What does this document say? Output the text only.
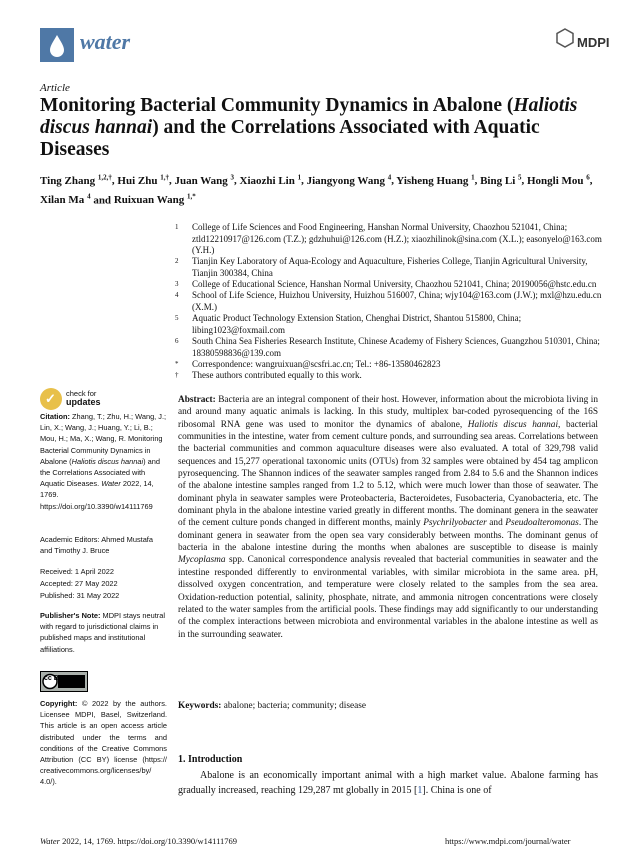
water	MDPI
Article
Monitoring Bacterial Community Dynamics in Abalone (Haliotis discus hannai) and the Correlations Associated with Aquatic Diseases
Ting Zhang $^{1,2,\dagger}$, Hui Zhu $^{1,\dagger}$, Juan Wang $^3$, Xiaozhi Lin $^1$, Jiangyong Wang $^4$, Yisheng Huang $^1$, Bing Li $^5$, Hongli Mou $^6$, Xilan Ma $^4$ and Ruixuan Wang $^{1,*}$
1 College of Life Sciences and Food Engineering, Hanshan Normal University, Chaozhou 521041, China; ztld12210917@126.com (T.Z.); gdzhuhui@126.com (H.Z.); xiaozhilinok@sina.com (X.L.); easonyelo@163.com (Y.H.)
2 Tianjin Key Laboratory of Aqua-Ecology and Aquaculture, Fisheries College, Tianjin Agricultural University, Tianjin 300384, China
3 College of Educational Science, Hanshan Normal University, Chaozhou 521041, China; 20190056@hstc.edu.cn
4 School of Life Science, Huizhou University, Huizhou 516007, China; wjy104@163.com (J.W.); mxl@hzu.edu.cn (X.M.)
5 Aquatic Product Technology Extension Station, Chenghai District, Shantou 515800, China; libing1023@foxmail.com
6 South China Sea Fisheries Research Institute, Chinese Academy of Fishery Sciences, Guangzhou 510301, China; 18380598836@139.com
* Correspondence: wangruixuan@scsfri.ac.cn; Tel.: +86-13580462823
† These authors contributed equally to this work.
✓ check for
updates
Citation: Zhang, T.; Zhu, H.; Wang, J.; Lin, X.; Wang, J.; Huang, Y.; Li, B.; Mou, H.; Ma, X.; Wang, R. Monitoring Bacterial Community Dynamics in Abalone (Haliotis discus hannai) and the Correlations Associated with Aquatic Diseases. Water 2022, 14, 1769. https://doi.org/10.3390/w14111769
Academic Editors: Ahmed Mustafa and Timothy J. Bruce
Received: 1 April 2022
Accepted: 27 May 2022
Published: 31 May 2022
Publisher's Note: MDPI stays neutral with regard to jurisdictional claims in published maps and institutional affiliations.
cc BY
Copyright: © 2022 by the authors. Licensee MDPI, Basel, Switzerland. This article is an open access article distributed under the terms and conditions of the Creative Commons Attribution (CC BY) license (https:// creativecommons.org/licenses/by/ 4.0/).
Abstract: Bacteria are an integral component of their host. However, information about the microbiota living in and around many aquatic animals is lacking. In this study, multiplex bar-coded pyrosequencing of the 16S ribosomal RNA gene was used to monitor the dynamics of abalone, Haliotis discus hannai, bacterial communities in the intestine, water from cement culture ponds, and surrounding sea areas. Correlations between the bacterial communities and common aquaculture diseases were also evaluated. A total of 329,798 valid sequences and 15,277 operational taxonomic units (OTUs) from 32 samples were obtained by 454 tag amplicon pyrosequencing. The Shannon indices of the seawater samples ranged from 2.84 to 5.6 and the Shannon indices of the abalone intestine samples ranged from 1.2 to 5.12, which were much lower than those of seawater. The dominant phyla in seawater samples were Proteobacteria, Bacteroidetes, Fusobacteria, Cyanobacteria, etc. The dominant phyla in the abalone intestine varied greatly in different months. The dominant genera in the seawater of the cement culture ponds changed in different months, mainly Psychrilyobacter and Pseudoalteromonas. The dominant genera in seawater from the open sea vary considerably between months. The dominant genus of bacteria in the abalone intestine during the months when abalones are susceptible to disease is mainly Mycoplasma spp. Canonical correspondence analysis revealed that bacterial communities in seawater and the intestine responded differently to environmental variables, with similar microbiota in the same area. pH, dissolved oxygen concentration, and temperature were closely related to the samples from the sea area. Oxidation-reduction potential, salinity, phosphate, nitrate, and ammonia nitrogen concentrations were closely related to the water samples from the artificial pools. These findings may add significantly to our understanding of the complex interactions between microbiota and environmental variables in the abalone intestine as well as in the surrounding seawater.
Keywords: abalone; bacteria; community; disease
1. Introduction
Abalone is an economically important animal with a high market value. Abalone farming has gradually increased, reaching 129,287 mt globally in 2015 [1]. China is one of
Water 2022, 14, 1769. https://doi.org/10.3390/w14111769	https://www.mdpi.com/journal/water
